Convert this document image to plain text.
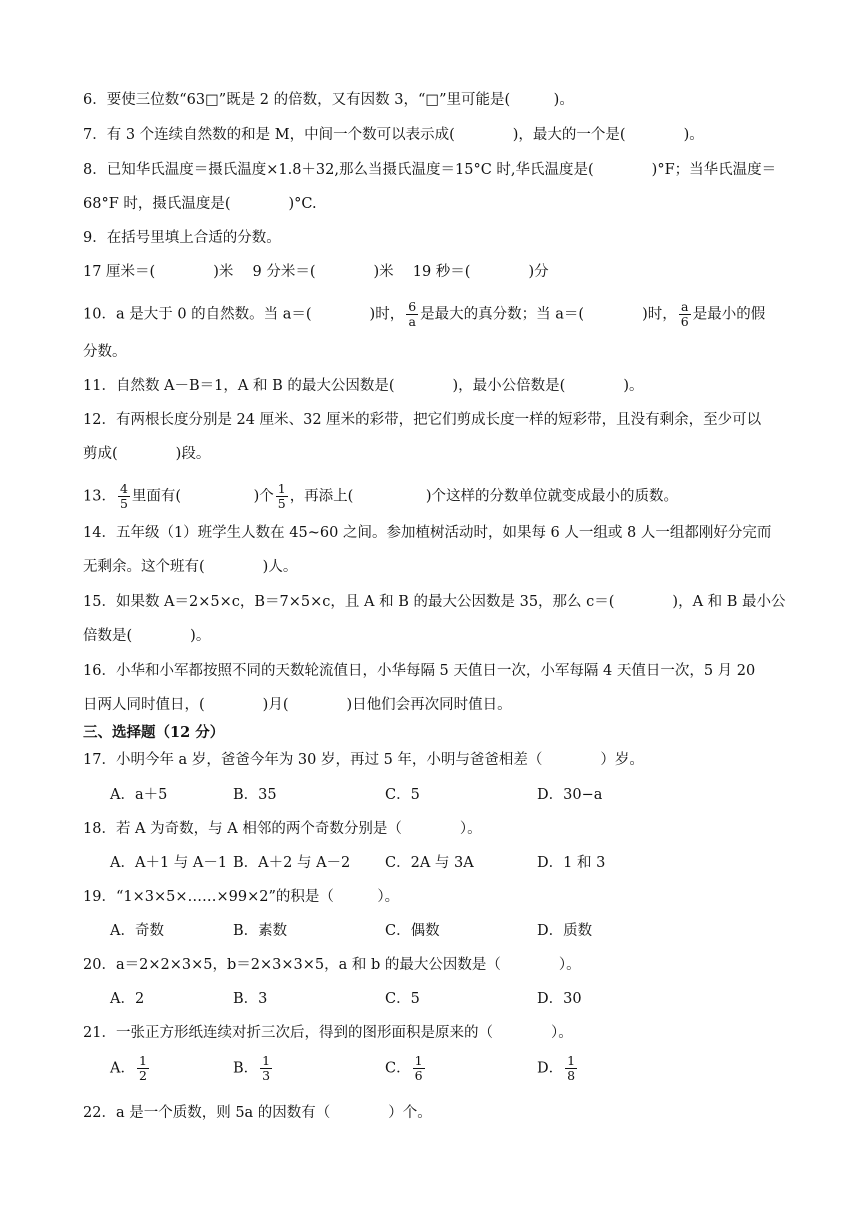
6．要使三位数“63□”既是 2 的倍数，又有因数 3，“□”里可能是(　　　)。
7．有 3 个连续自然数的和是 M，中间一个数可以表示成(　　　　)，最大的一个是(　　　　)。
8．已知华氏温度＝摄氏温度×1.8＋32,那么当摄氏温度＝15°C 时,华氏温度是(　　　　)°F；当华氏温度＝
68°F 时，摄氏温度是(　　　　)°C.
9．在括号里填上合适的分数。
17 厘米＝(　　　　)米　 9 分米＝(　　　　)米　 19 秒＝(　　　　)分
10．a 是大于 0 的自然数。当 a＝(　　　　)时， $\frac{6}{a}$ 是最大的真分数；当 a＝(　　　　)时， $\frac{a}{6}$ 是最小的假
分数。
11．自然数 A－B＝1，A 和 B 的最大公因数是(　　　　)，最小公倍数是(　　　　)。
12．有两根长度分别是 24 厘米、32 厘米的彩带，把它们剪成长度一样的短彩带，且没有剩余，至少可以
剪成(　　　　)段。
13． $\frac{4}{5}$ 里面有(　　　　　)个 $\frac{1}{5}$ ，再添上(　　　　　)个这样的分数单位就变成最小的质数。
14．五年级（1）班学生人数在 45~60 之间。参加植树活动时，如果每 6 人一组或 8 人一组都刚好分完而
无剩余。这个班有(　　　　)人。
15．如果数 A＝2×5×c，B＝7×5×c，且 A 和 B 的最大公因数是 35，那么 c＝(　　　　)，A 和 B 最小公
倍数是(　　　　)。
16．小华和小军都按照不同的天数轮流值日，小华每隔 5 天值日一次，小军每隔 4 天值日一次，5 月 20
日两人同时值日，(　　　　)月(　　　　)日他们会再次同时值日。
三、选择题（12 分）
17．小明今年 a 岁，爸爸今年为 30 岁，再过 5 年，小明与爸爸相差（　　　　）岁。
A．a＋5	B．35	C．5	D．30−a
18．若 A 为奇数，与 A 相邻的两个奇数分别是（　　　　）。
A．A＋1 与 A－1 B．A＋2 与 A－2 C．2A 与 3A	D．1 和 3
19．“1×3×5×……×99×2”的积是（　　　）。
A．奇数	B．素数	C．偶数	D．质数
20．a＝2×2×3×5，b＝2×3×3×5，a 和 b 的最大公因数是（　　　　）。
A．2	B．3	C．5	D．30
21．一张正方形纸连续对折三次后，得到的图形面积是原来的（　　　　）。
A． $\frac{1}{2}$	B． $\frac{1}{3}$	C． $\frac{1}{6}$	D． $\frac{1}{8}$
22．a 是一个质数，则 5a 的因数有（　　　　）个。
